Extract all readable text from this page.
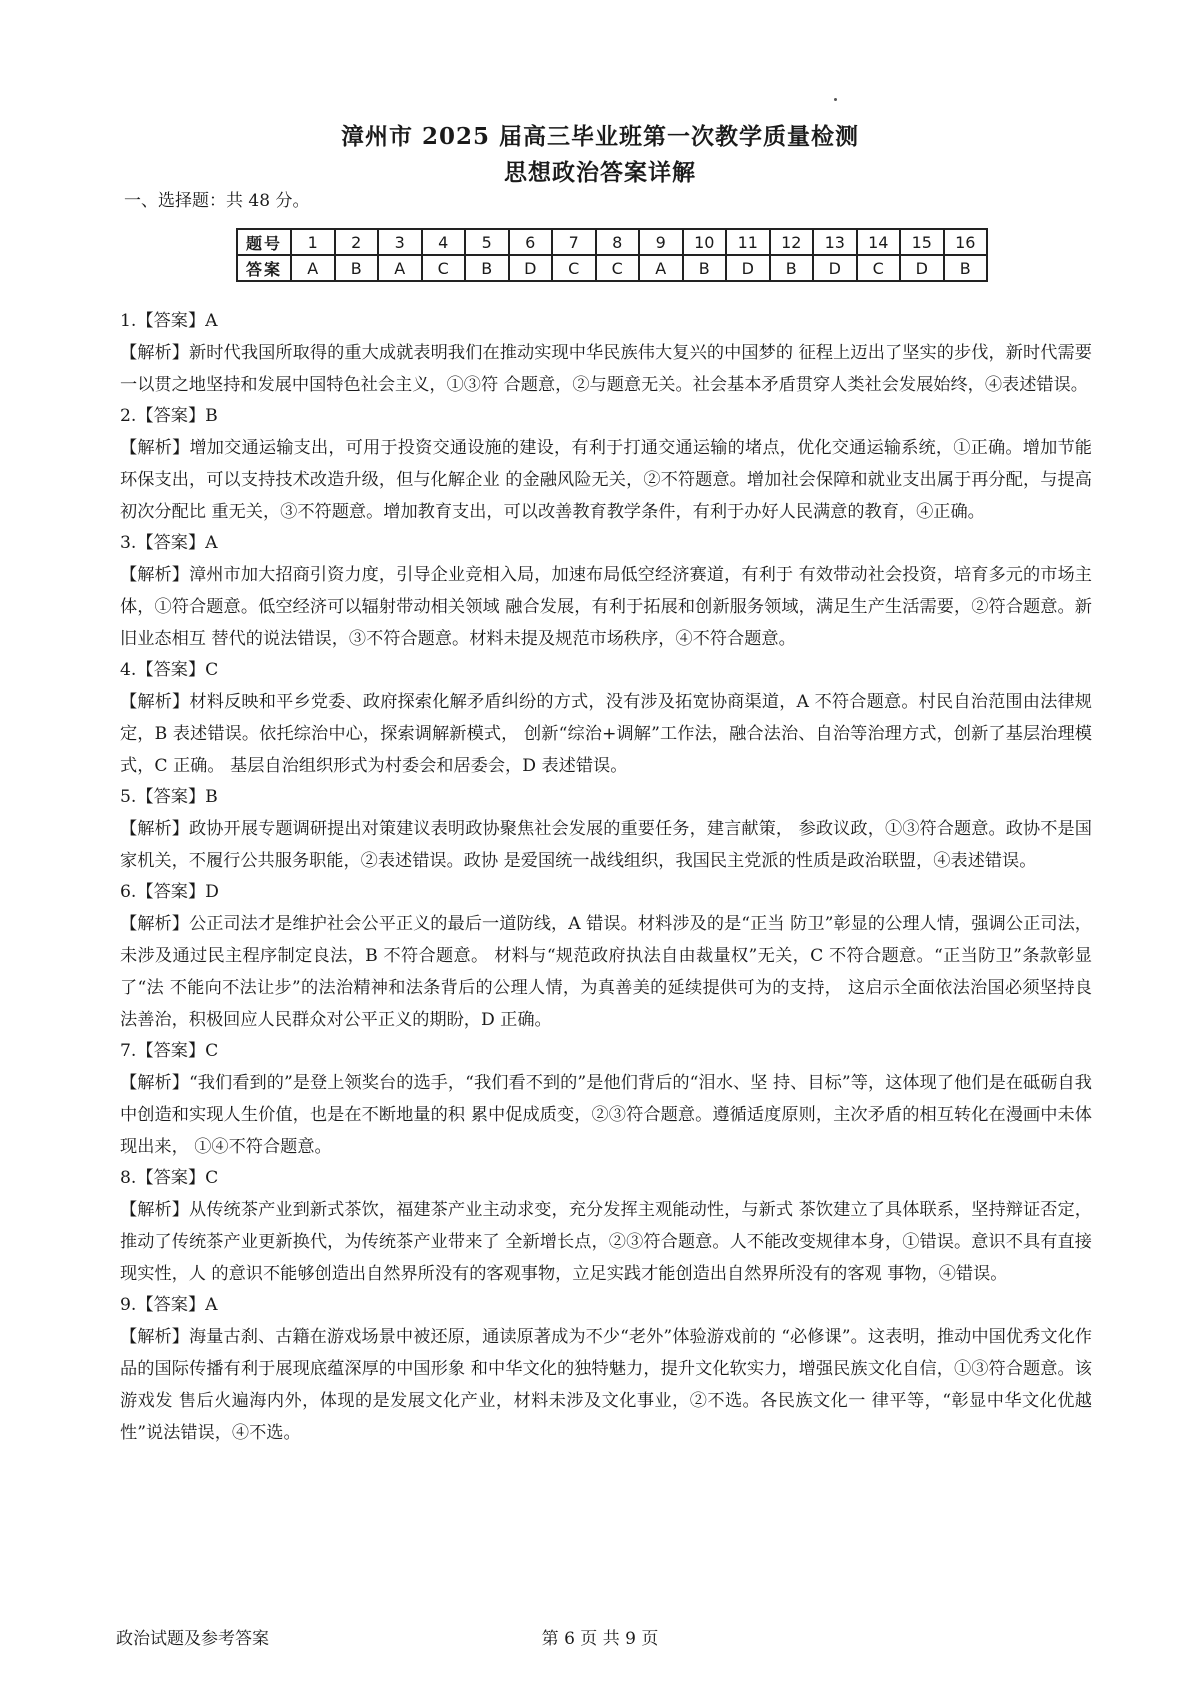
漳州市 2025 届高三毕业班第一次教学质量检测
思想政治答案详解
一、选择题：共 48 分。
题号	1	2	3	4	5	6	7	8	9	10	11	12	13	14	15	16
答案	A	B	A	C	B	D	C	C	A	B	D	B	D	C	D	B
1.【答案】A

【解析】新时代我国所取得的重大成就表明我们在推动实现中华民族伟大复兴的中国梦的 征程上迈出了坚实的步伐，新时代需要一以贯之地坚持和发展中国特色社会主义，①③符 合题意，②与题意无关。社会基本矛盾贯穿人类社会发展始终，④表述错误。

2.【答案】B

【解析】增加交通运输支出，可用于投资交通设施的建设，有利于打通交通运输的堵点，优化交通运输系统，①正确。增加节能环保支出，可以支持技术改造升级，但与化解企业 的金融风险无关，②不符题意。增加社会保障和就业支出属于再分配，与提高初次分配比 重无关，③不符题意。增加教育支出，可以改善教育教学条件，有利于办好人民满意的教育，④正确。

3.【答案】A

【解析】漳州市加大招商引资力度，引导企业竞相入局，加速布局低空经济赛道，有利于 有效带动社会投资，培育多元的市场主体，①符合题意。低空经济可以辐射带动相关领域 融合发展，有利于拓展和创新服务领域，满足生产生活需要，②符合题意。新旧业态相互 替代的说法错误，③不符合题意。材料未提及规范市场秩序，④不符合题意。

4.【答案】C

【解析】材料反映和平乡党委、政府探索化解矛盾纠纷的方式，没有涉及拓宽协商渠道，A 不符合题意。村民自治范围由法律规定，B 表述错误。依托综治中心，探索调解新模式， 创新“综治+调解”工作法，融合法治、自治等治理方式，创新了基层治理模式，C 正确。 基层自治组织形式为村委会和居委会，D 表述错误。

5.【答案】B

【解析】政协开展专题调研提出对策建议表明政协聚焦社会发展的重要任务，建言献策， 参政议政，①③符合题意。政协不是国家机关，不履行公共服务职能，②表述错误。政协 是爱国统一战线组织，我国民主党派的性质是政治联盟，④表述错误。

6.【答案】D

【解析】公正司法才是维护社会公平正义的最后一道防线，A 错误。材料涉及的是“正当 防卫”彰显的公理人情，强调公正司法，未涉及通过民主程序制定良法，B 不符合题意。 材料与“规范政府执法自由裁量权”无关，C 不符合题意。“正当防卫”条款彰显了“法 不能向不法让步”的法治精神和法条背后的公理人情，为真善美的延续提供可为的支持， 这启示全面依法治国必须坚持良法善治，积极回应人民群众对公平正义的期盼，D 正确。

7.【答案】C

【解析】“我们看到的”是登上领奖台的选手，“我们看不到的”是他们背后的“泪水、坚 持、目标”等，这体现了他们是在砥砺自我中创造和实现人生价值，也是在不断地量的积 累中促成质变，②③符合题意。遵循适度原则，主次矛盾的相互转化在漫画中未体现出来， ①④不符合题意。

8.【答案】C

【解析】从传统茶产业到新式茶饮，福建茶产业主动求变，充分发挥主观能动性，与新式 茶饮建立了具体联系，坚持辩证否定，推动了传统茶产业更新换代，为传统茶产业带来了 全新增长点，②③符合题意。人不能改变规律本身，①错误。意识不具有直接现实性，人 的意识不能够创造出自然界所没有的客观事物，立足实践才能创造出自然界所没有的客观 事物，④错误。

9.【答案】A

【解析】海量古刹、古籍在游戏场景中被还原，通读原著成为不少“老外”体验游戏前的 “必修课”。这表明，推动中国优秀文化作品的国际传播有利于展现底蕴深厚的中国形象 和中华文化的独特魅力，提升文化软实力，增强民族文化自信，①③符合题意。该游戏发 售后火遍海内外，体现的是发展文化产业，材料未涉及文化事业，②不选。各民族文化一 律平等，“彰显中华文化优越性”说法错误，④不选。

政治试题及参考答案	第 6 页 共 9 页
